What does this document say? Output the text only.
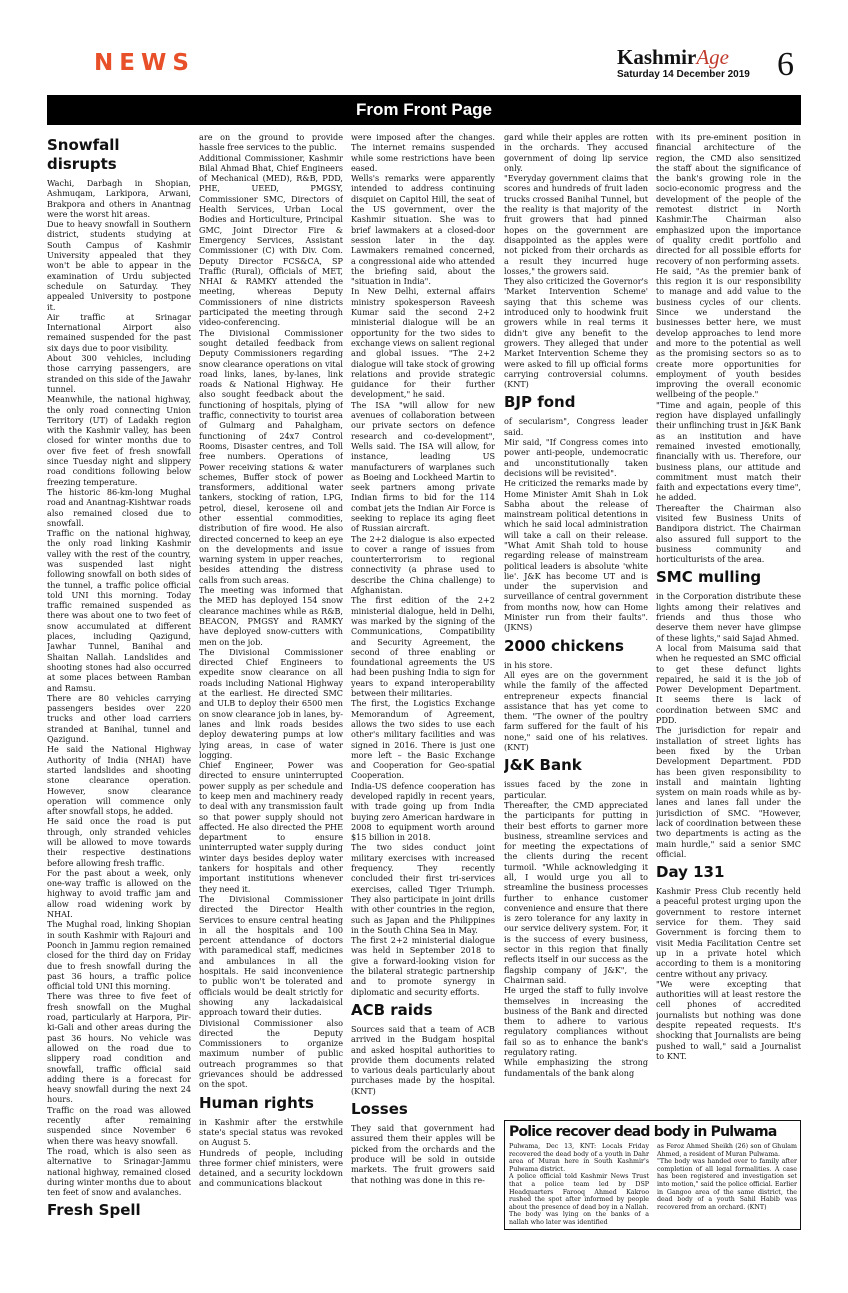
NEWS	KashmirAge
Saturday 14 December 2019 6
From Front Page
Snowfall disrupts

Wachi, Darbagh in Shopian, Ashmuqam, Larkipora, Arwani, Brakpora and others in Anantnag were the worst hit areas.

Due to heavy snowfall in Southern district, students studying at South Campus of Kashmir University appealed that they won't be able to appear in the examination of Urdu subjected schedule on Saturday. They appealed University to postpone it.

Air traffic at Srinagar International Airport also remained suspended for the past six days due to poor visibility.

About 300 vehicles, including those carrying passengers, are stranded on this side of the Jawahr tunnel.

Meanwhile, the national highway, the only road connecting Union Territory (UT) of Ladakh region with the Kashmir valley, has been closed for winter months due to over five feet of fresh snowfall since Tuesday night and slippery road conditions following below freezing temperature.

The historic 86-km-long Mughal road and Anantnag-Kishtwar roads also remained closed due to snowfall.

Traffic on the national highway, the only road linking Kashmir valley with the rest of the country, was suspended last night following snowfall on both sides of the tunnel, a traffic police official told UNI this morning. Today traffic remained suspended as there was about one to two feet of snow accumulated at different places, including Qazigund, Jawhar Tunnel, Banihal and Shaitan Nallah. Landslides and shooting stones had also occurred at some places between Ramban and Ramsu.

There are 80 vehicles carrying passengers besides over 220 trucks and other load carriers stranded at Banihal, tunnel and Qazigund.

He said the National Highway Authority of India (NHAI) have started landslides and shooting stone clearance operation. However, snow clearance operation will commence only after snowfall stops, he added.

He said once the road is put through, only stranded vehicles will be allowed to move towards their respective destinations before allowing fresh traffic.

For the past about a week, only one-way traffic is allowed on the highway to avoid traffic jam and allow road widening work by NHAI.

The Mughal road, linking Shopian in south Kashmir with Rajouri and Poonch in Jammu region remained closed for the third day on Friday due to fresh snowfall during the past 36 hours, a traffic police official told UNI this morning.

There was three to five feet of fresh snowfall on the Mughal road, particularly at Harpora, Pir-ki-Gali and other areas during the past 36 hours. No vehicle was allowed on the road due to slippery road condition and snowfall, traffic official said adding there is a forecast for heavy snowfall during the next 24 hours.

Traffic on the road was allowed recently after remaining suspended since November 6 when there was heavy snowfall.

The road, which is also seen as alternative to Srinagar-Jammu national highway, remained closed during winter months due to about ten feet of snow and avalanches.

Fresh Spell

are on the ground to provide hassle free services to the public.

Additional Commissioner, Kashmir Bilal Ahmad Bhat, Chief Engineers of Mechanical (MED), R&B, PDD, PHE, UEED, PMGSY, Commissioner SMC, Directors of Health Services, Urban Local Bodies and Horticulture, Principal GMC, Joint Director Fire & Emergency Services, Assistant Commissioner (C) with Div. Com. Deputy Director FCS&CA, SP Traffic (Rural), Officials of MET, NHAI & RAMKY attended the meeting, whereas Deputy Commissioners of nine districts participated the meeting through video-conferencing.

The Divisional Commissioner sought detailed feedback from Deputy Commissioners regarding snow clearance operations on vital road links, lanes, by-lanes, link roads & National Highway. He also sought feedback about the functioning of hospitals, plying of traffic, connectivity to tourist area of Gulmarg and Pahalgham, functioning of 24x7 Control Rooms, Disaster centres, and Toll free numbers. Operations of Power receiving stations & water schemes, Buffer stock of power transformers, additional water tankers, stocking of ration, LPG, petrol, diesel, kerosene oil and other essential commodities, distribution of fire wood. He also directed concerned to keep an eye on the developments and issue warning system in upper reaches, besides attending the distress calls from such areas.

The meeting was informed that the MED has deployed 154 snow clearance machines while as R&B, BEACON, PMGSY and RAMKY have deployed snow-cutters with men on the job.

The Divisional Commissioner directed Chief Engineers to expedite snow clearance on all roads including National Highway at the earliest. He directed SMC and ULB to deploy their 6500 men on snow clearance job in lanes, by-lanes and link roads besides deploy dewatering pumps at low lying areas, in case of water logging.

Chief Engineer, Power was directed to ensure uninterrupted power supply as per schedule and to keep men and machinery ready to deal with any transmission fault so that power supply should not affected. He also directed the PHE department to ensure uninterrupted water supply during winter days besides deploy water tankers for hospitals and other important institutions whenever they need it.

The Divisional Commissioner directed the Director Health Services to ensure central heating in all the hospitals and 100 percent attendance of doctors with paramedical staff, medicines and ambulances in all the hospitals. He said inconvenience to public won't be tolerated and officials would be dealt strictly for showing any lackadaisical approach toward their duties.

Divisional Commissioner also directed the Deputy Commissioners to organize maximum number of public outreach programmes so that grievances should be addressed on the spot.

Human rights

in Kashmir after the erstwhile state's special status was revoked on August 5.

Hundreds of people, including three former chief ministers, were detained, and a security lockdown and communications blackout

were imposed after the changes. The internet remains suspended while some restrictions have been eased.

Wells's remarks were apparently intended to address continuing disquiet on Capitol Hill, the seat of the US government, over the Kashmir situation. She was to brief lawmakers at a closed-door session later in the day. Lawmakers remained concerned, a congressional aide who attended the briefing said, about the "situation in India".

In New Delhi, external affairs ministry spokesperson Raveesh Kumar said the second 2+2 ministerial dialogue will be an opportunity for the two sides to exchange views on salient regional and global issues. "The 2+2 dialogue will take stock of growing relations and provide strategic guidance for their further development," he said.

The ISA "will allow for new avenues of collaboration between our private sectors on defence research and co-development", Wells said. The ISA will allow, for instance, leading US manufacturers of warplanes such as Boeing and Lockheed Martin to seek partners among private Indian firms to bid for the 114 combat jets the Indian Air Force is seeking to replace its aging fleet of Russian aircraft.

The 2+2 dialogue is also expected to cover a range of issues from counterterrorism to regional connectivity (a phrase used to describe the China challenge) to Afghanistan.

The first edition of the 2+2 ministerial dialogue, held in Delhi, was marked by the signing of the Communications, Compatibility and Security Agreement, the second of three enabling or foundational agreements the US had been pushing India to sign for years to expand interoperability between their militaries.

The first, the Logistics Exchange Memorandum of Agreement, allows the two sides to use each other's military facilities and was signed in 2016. There is just one more left – the Basic Exchange and Cooperation for Geo-spatial Cooperation.

India-US defence cooperation has developed rapidly in recent years, with trade going up from India buying zero American hardware in 2008 to equipment worth around $15 billion in 2018.

The two sides conduct joint military exercises with increased frequency. They recently concluded their first tri-services exercises, called Tiger Triumph. They also participate in joint drills with other countries in the region, such as Japan and the Philippines in the South China Sea in May.

The first 2+2 ministerial dialogue was held in September 2018 to give a forward-looking vision for the bilateral strategic partnership and to promote synergy in diplomatic and security efforts.

ACB raids

Sources said that a team of ACB arrived in the Budgam hospital and asked hospital authorities to provide them documents related to various deals particularly about purchases made by the hospital. (KNT)

Losses

They said that government had assured them their apples will be picked from the orchards and the produce will be sold in outside markets. The fruit growers said that nothing was done in this re-

gard while their apples are rotten in the orchards. They accused government of doing lip service only.

"Everyday government claims that scores and hundreds of fruit laden trucks crossed Banihal Tunnel, but the reality is that majority of the fruit growers that had pinned hopes on the government are disappointed as the apples were not picked from their orchards as a result they incurred huge losses," the growers said.

They also criticized the Governor's 'Market Intervention Scheme' saying that this scheme was introduced only to hoodwink fruit growers while in real terms it didn't give any benefit to the growers. They alleged that under Market Intervention Scheme they were asked to fill up official forms carrying controversial columns. (KNT)

BJP fond

of secularism", Congress leader said.

Mir said, "If Congress comes into power anti-people, undemocratic and unconstitutionally taken decisions will be revisited".

He criticized the remarks made by Home Minister Amit Shah in Lok Sabha about the release of mainstream political detentions in which he said local administration will take a call on their release. "What Amit Shah told to house regarding release of mainstream political leaders is absolute 'white lie'. J&K has become UT and is under the supervision and surveillance of central government from months now, how can Home Minister run from their faults". (JKNS)

2000 chickens

in his store.

All eyes are on the government while the family of the affected entrepreneur expects financial assistance that has yet come to them. "The owner of the poultry farm suffered for the fault of his none," said one of his relatives. (KNT)

J&K Bank

issues faced by the zone in particular.

Thereafter, the CMD appreciated the participants for putting in their best efforts to garner more business, streamline services and for meeting the expectations of the clients during the recent turmoil. "While acknowledging it all, I would urge you all to streamline the business processes further to enhance customer convenience and ensure that there is zero tolerance for any laxity in our service delivery system. For, it is the success of every business, sector in this region that finally reflects itself in our success as the flagship company of J&K", the Chairman said.

He urged the staff to fully involve themselves in increasing the business of the Bank and directed them to adhere to various regulatory compliances without fail so as to enhance the bank's regulatory rating.

While emphasizing the strong fundamentals of the bank along

with its pre-eminent position in financial architecture of the region, the CMD also sensitized the staff about the significance of the bank's growing role in the socio-economic progress and the development of the people of the remotest district in North Kashmir.The Chairman also emphasized upon the importance of quality credit portfolio and directed for all possible efforts for recovery of non performing assets.

He said, "As the premier bank of this region it is our responsibility to manage and add value to the business cycles of our clients. Since we understand the businesses better here, we must develop approaches to lend more and more to the potential as well as the promising sectors so as to create more opportunities for employment of youth besides improving the overall economic wellbeing of the people."

"Time and again, people of this region have displayed unfailingly their unflinching trust in J&K Bank as an institution and have remained invested emotionally, financially with us. Therefore, our business plans, our attitude and commitment must match their faith and expectations every time", he added.

Thereafter the Chairman also visited few Business Units of Bandipora district. The Chairman also assured full support to the business community and horticulturists of the area.

SMC mulling

in the Corporation distribute these lights among their relatives and friends and thus those who deserve them never have glimpse of these lights," said Sajad Ahmed.

A local from Maisuma said that when he requested an SMC official to get these defunct lights repaired, he said it is the job of Power Development Department. It seems there is lack of coordination between SMC and PDD.

The jurisdiction for repair and installation of street lights has been fixed by the Urban Development Department. PDD has been given responsibility to install and maintain lighting system on main roads while as by-lanes and lanes fall under the jurisdiction of SMC. "However, lack of coordination between these two departments is acting as the main hurdle," said a senior SMC official.

Day 131

Kashmir Press Club recently held a peaceful protest urging upon the government to restore internet service for them. They said Government is forcing them to visit Media Facilitation Centre set up in a private hotel which according to them is a monitoring centre without any privacy.

"We were excepting that authorities will at least restore the cell phones of accredited journalists but nothing was done despite repeated requests. It's shocking that Journalists are being pushed to wall," said a Journalist to KNT.

Police recover dead body in Pulwama

Pulwama, Dec 13, KNT: Locals Friday recovered the dead body of a youth in Dahr area of Muran here in South Kashmir's Pulwama district.

A police official told Kashmir News Trust that a police team led by DSP Headquarters Farooq Ahmed Kakroo rushed the spot after informed by people about the presence of dead boy in a Nallah.

The body was lying on the banks of a nallah who later was identified

as Feroz Ahmed Sheikh (26) son of Ghulam Ahmed, a resident of Muran Pulwama.

"The body was handed over to family after completion of all legal formalities. A case has been registered and investigation set into motion," said the police official. Earlier in Gangoo area of the same district, the dead body of a youth Sahil Habib was recovered from an orchard. (KNT)
